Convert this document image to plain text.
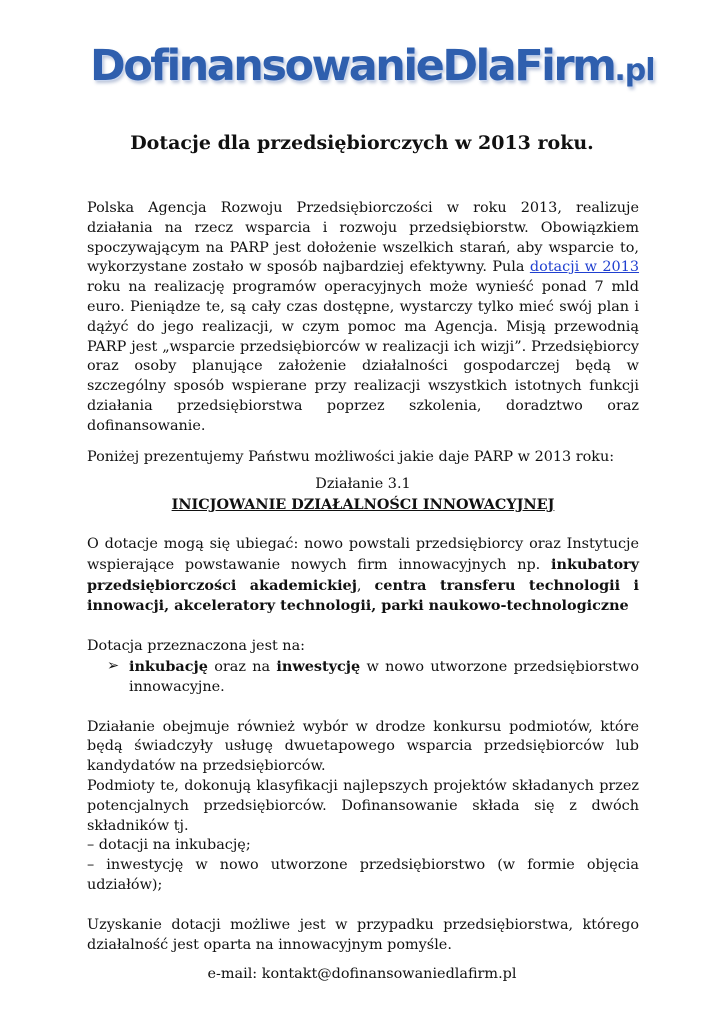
DofinansowanieDlaFirm.pl
Dotacje dla przedsiębiorczych w 2013 roku.

Polska Agencja Rozwoju Przedsiębiorczości w roku 2013, realizuje działania na rzecz wsparcia i rozwoju przedsiębiorstw. Obowiązkiem spoczywającym na PARP jest dołożenie wszelkich starań, aby wsparcie to, wykorzystane zostało w sposób najbardziej efektywny. Pula dotacji w 2013 roku na realizację programów operacyjnych może wynieść ponad 7 mld euro. Pieniądze te, są cały czas dostępne, wystarczy tylko mieć swój plan i dążyć do jego realizacji, w czym pomoc ma Agencja. Misją przewodnią PARP jest „wsparcie przedsiębiorców w realizacji ich wizji”. Przedsiębiorcy oraz osoby planujące założenie działalności gospodarczej będą w szczególny sposób wspierane przy realizacji wszystkich istotnych funkcji działania przedsiębiorstwa poprzez szkolenia, doradztwo oraz dofinansowanie.

Poniżej prezentujemy Państwu możliwości jakie daje PARP w 2013 roku:

Działanie 3.1

INICJOWANIE DZIAŁALNOŚCI INNOWACYJNEJ

O dotacje mogą się ubiegać: nowo powstali przedsiębiorcy oraz Instytucje wspierające powstawanie nowych firm innowacyjnych np. inkubatory przedsiębiorczości akademickiej, centra transferu technologii i innowacji, akceleratory technologii, parki naukowo-technologiczne

Dotacja przeznaczona jest na:

➢ inkubację oraz na inwestycję w nowo utworzone przedsiębiorstwo innowacyjne.

Działanie obejmuje również wybór w drodze konkursu podmiotów, które będą świadczyły usługę dwuetapowego wsparcia przedsiębiorców lub kandydatów na przedsiębiorców.

Podmioty te, dokonują klasyfikacji najlepszych projektów składanych przez potencjalnych przedsiębiorców. Dofinansowanie składa się z dwóch składników tj.

– dotacji na inkubację;

– inwestycję w nowo utworzone przedsiębiorstwo (w formie objęcia udziałów);

Uzyskanie dotacji możliwe jest w przypadku przedsiębiorstwa, którego działalność jest oparta na innowacyjnym pomyśle.

e-mail: kontakt@dofinansowaniedlafirm.pl
